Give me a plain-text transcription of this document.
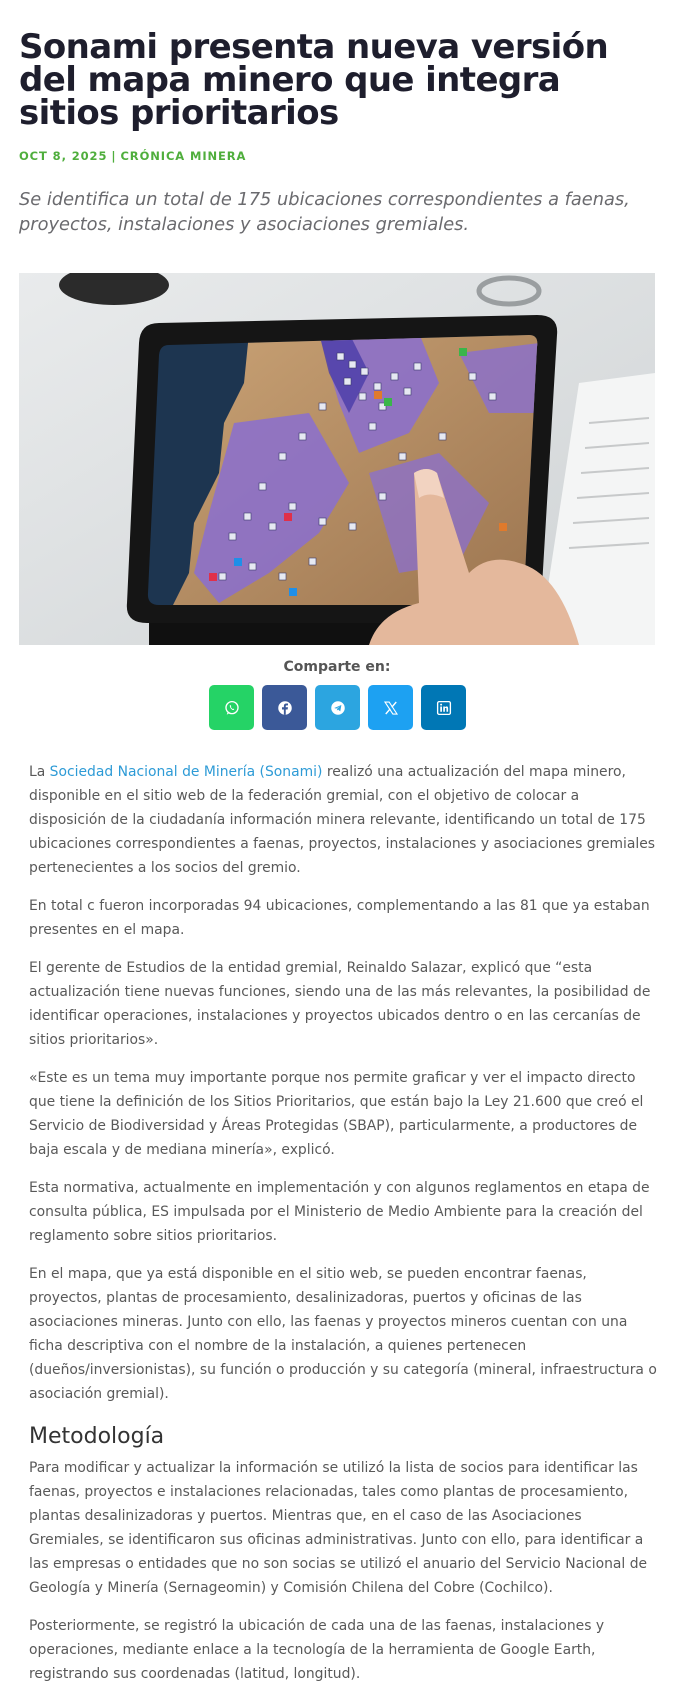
Sonami presenta nueva versión del mapa minero que integra sitios prioritarios
OCT 8, 2025 | CRÓNICA MINERA

Se identifica un total de 175 ubicaciones correspondientes a faenas, proyectos, instalaciones y asociaciones gremiales.

Comparte en:

La Sociedad Nacional de Minería (Sonami) realizó una actualización del mapa minero, disponible en el sitio web de la federación gremial, con el objetivo de colocar a disposición de la ciudadanía información minera relevante, identificando un total de 175 ubicaciones correspondientes a faenas, proyectos, instalaciones y asociaciones gremiales pertenecientes a los socios del gremio.

En total c fueron incorporadas 94 ubicaciones, complementando a las 81 que ya estaban presentes en el mapa.

El gerente de Estudios de la entidad gremial, Reinaldo Salazar, explicó que “esta actualización tiene nuevas funciones, siendo una de las más relevantes, la posibilidad de identificar operaciones, instalaciones y proyectos ubicados dentro o en las cercanías de sitios prioritarios».

«Este es un tema muy importante porque nos permite graficar y ver el impacto directo que tiene la definición de los Sitios Prioritarios, que están bajo la Ley 21.600 que creó el Servicio de Biodiversidad y Áreas Protegidas (SBAP), particularmente, a productores de baja escala y de mediana minería», explicó.

Esta normativa, actualmente en implementación y con algunos reglamentos en etapa de consulta pública, ES impulsada por el Ministerio de Medio Ambiente para la creación del reglamento sobre sitios prioritarios.

En el mapa, que ya está disponible en el sitio web, se pueden encontrar faenas, proyectos, plantas de procesamiento, desalinizadoras, puertos y oficinas de las asociaciones mineras. Junto con ello, las faenas y proyectos mineros cuentan con una ficha descriptiva con el nombre de la instalación, a quienes pertenecen (dueños/inversionistas), su función o producción y su categoría (mineral, infraestructura o asociación gremial).

Metodología

Para modificar y actualizar la información se utilizó la lista de socios para identificar las faenas, proyectos e instalaciones relacionadas, tales como plantas de procesamiento, plantas desalinizadoras y puertos. Mientras que, en el caso de las Asociaciones Gremiales, se identificaron sus oficinas administrativas. Junto con ello, para identificar a las empresas o entidades que no son socias se utilizó el anuario del Servicio Nacional de Geología y Minería (Sernageomin) y Comisión Chilena del Cobre (Cochilco).

Posteriormente, se registró la ubicación de cada una de las faenas, instalaciones y operaciones, mediante enlace a la tecnología de la herramienta de Google Earth, registrando sus coordenadas (latitud, longitud).
